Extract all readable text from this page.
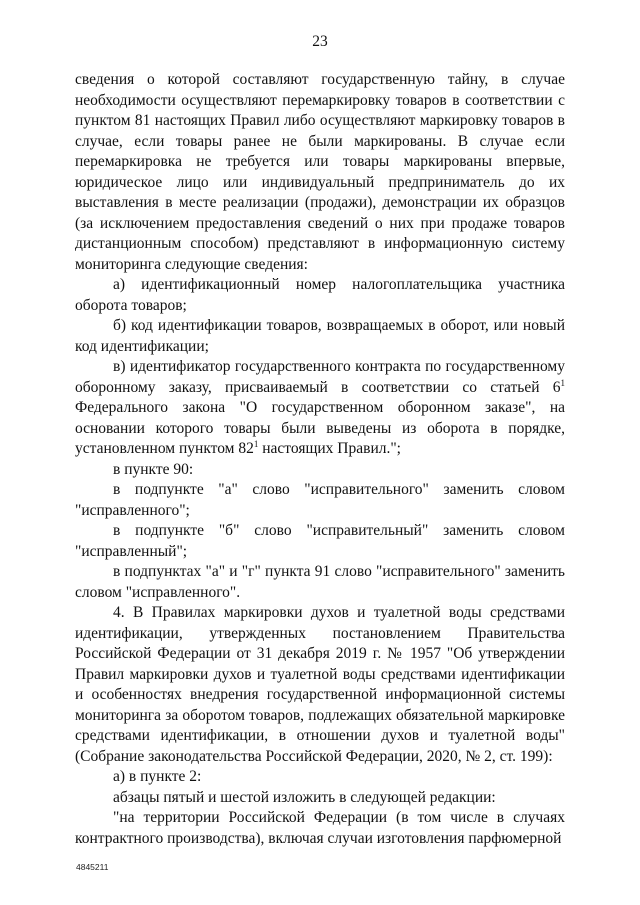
23

сведения о которой составляют государственную тайну, в случае необходимости осуществляют перемаркировку товаров в соответствии с пунктом 81 настоящих Правил либо осуществляют маркировку товаров в случае, если товары ранее не были маркированы. В случае если перемаркировка не требуется или товары маркированы впервые, юридическое лицо или индивидуальный предприниматель до их выставления в месте реализации (продажи), демонстрации их образцов (за исключением предоставления сведений о них при продаже товаров дистанционным способом) представляют в информационную систему мониторинга следующие сведения:

а) идентификационный номер налогоплательщика участника оборота товаров;

б) код идентификации товаров, возвращаемых в оборот, или новый код идентификации;

в) идентификатор государственного контракта по государственному оборонному заказу, присваиваемый в соответствии со статьей $6^1$ Федерального закона "О государственном оборонном заказе", на основании которого товары были выведены из оборота в порядке, установленном пунктом $82^1$ настоящих Правил.";

в пункте 90:

в подпункте "а" слово "исправительного" заменить словом "исправленного";

в подпункте "б" слово "исправительный" заменить словом "исправленный";

в подпунктах "а" и "г" пункта 91 слово "исправительного" заменить словом "исправленного".

4. В Правилах маркировки духов и туалетной воды средствами идентификации, утвержденных постановлением Правительства Российской Федерации от 31 декабря 2019 г. № 1957 "Об утверждении Правил маркировки духов и туалетной воды средствами идентификации и особенностях внедрения государственной информационной системы мониторинга за оборотом товаров, подлежащих обязательной маркировке средствами идентификации, в отношении духов и туалетной воды" (Собрание законодательства Российской Федерации, 2020, № 2, ст. 199):

а) в пункте 2:

абзацы пятый и шестой изложить в следующей редакции:

"на территории Российской Федерации (в том числе в случаях контрактного производства), включая случаи изготовления парфюмерной

4845211
